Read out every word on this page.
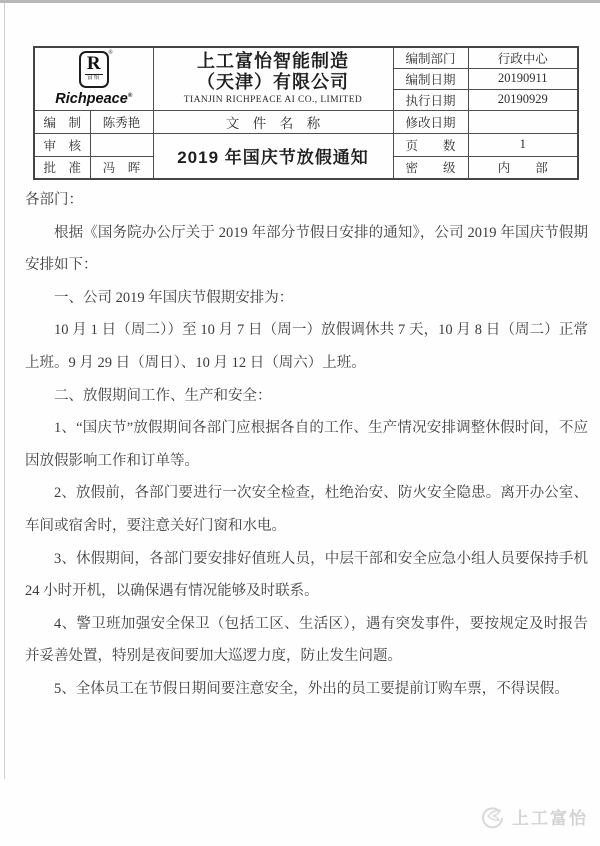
R
富怡
®
Richpeace®

上工富怡智能制造
（天津）有限公司
TIANJIN RICHPEACE AI CO., LIMITED
	编制部门	行政中心
			编制日期	20190911
			执行日期	20190929
编　制	陈秀艳	文　件　名　称	修改日期	
审　核		2019 年国庆节放假通知	页　　数	1
批　准	冯　晖		密　　级	内　　部

各部门：

根据《国务院办公厅关于 2019 年部分节假日安排的通知》，公司 2019 年国庆节假期安排如下：

一、公司 2019 年国庆节假期安排为：

10 月 1 日（周二））至 10 月 7 日（周一）放假调休共 7 天，10 月 8 日（周二）正常上班。9 月 29 日（周日）、10 月 12 日（周六）上班。

二、放假期间工作、生产和安全：

1、“国庆节”放假期间各部门应根据各自的工作、生产情况安排调整休假时间，不应因放假影响工作和订单等。

2、放假前，各部门要进行一次安全检查，杜绝治安、防火安全隐患。离开办公室、车间或宿舍时，要注意关好门窗和水电。

3、休假期间，各部门要安排好值班人员，中层干部和安全应急小组人员要保持手机 24 小时开机，以确保遇有情况能够及时联系。

4、警卫班加强安全保卫（包括工区、生活区），遇有突发事件，要按规定及时报告并妥善处置，特别是夜间要加大巡逻力度，防止发生问题。

5、全体员工在节假日期间要注意安全，外出的员工要提前订购车票，不得误假。

上工富怡
